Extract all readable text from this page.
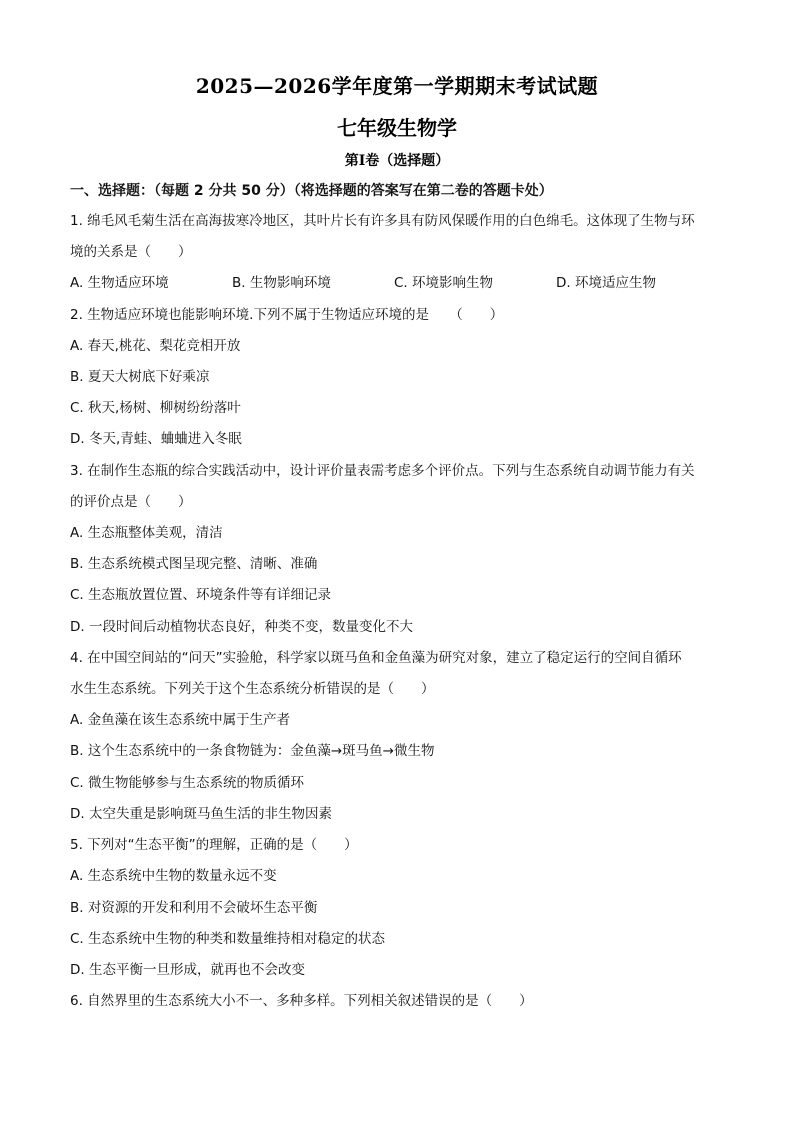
2025—2026学年度第一学期期末考试试题
七年级生物学
第Ⅰ卷（选择题）
一、选择题：（每题 2 分共 50 分）（将选择题的答案写在第二卷的答题卡处）
1. 绵毛风毛菊生活在高海拔寒冷地区，其叶片长有许多具有防风保暖作用的白色绵毛。这体现了生物与环
境的关系是（　　）
A. 生物适应环境	B. 生物影响环境	C. 环境影响生物	D. 环境适应生物
2. 生物适应环境也能影响环境.下列不属于生物适应环境的是　　（　　）
A. 春天,桃花、梨花竞相开放
B. 夏天大树底下好乘凉
C. 秋天,杨树、柳树纷纷落叶
D. 冬天,青蛙、蛐蛐进入冬眠
3. 在制作生态瓶的综合实践活动中，设计评价量表需考虑多个评价点。下列与生态系统自动调节能力有关
的评价点是（　　）
A. 生态瓶整体美观，清洁
B. 生态系统模式图呈现完整、清晰、准确
C. 生态瓶放置位置、环境条件等有详细记录
D. 一段时间后动植物状态良好，种类不变，数量变化不大
4. 在中国空间站的“问天”实验舱，科学家以斑马鱼和金鱼藻为研究对象，建立了稳定运行的空间自循环
水生生态系统。下列关于这个生态系统分析错误的是（　　）
A. 金鱼藻在该生态系统中属于生产者
B. 这个生态系统中的一条食物链为：金鱼藻→斑马鱼→微生物
C. 微生物能够参与生态系统的物质循环
D. 太空失重是影响斑马鱼生活的非生物因素
5. 下列对“生态平衡”的理解，正确的是（　　）
A. 生态系统中生物的数量永远不变
B. 对资源的开发和利用不会破坏生态平衡
C. 生态系统中生物的种类和数量维持相对稳定的状态
D. 生态平衡一旦形成，就再也不会改变
6. 自然界里的生态系统大小不一、多种多样。下列相关叙述错误的是（　　）
